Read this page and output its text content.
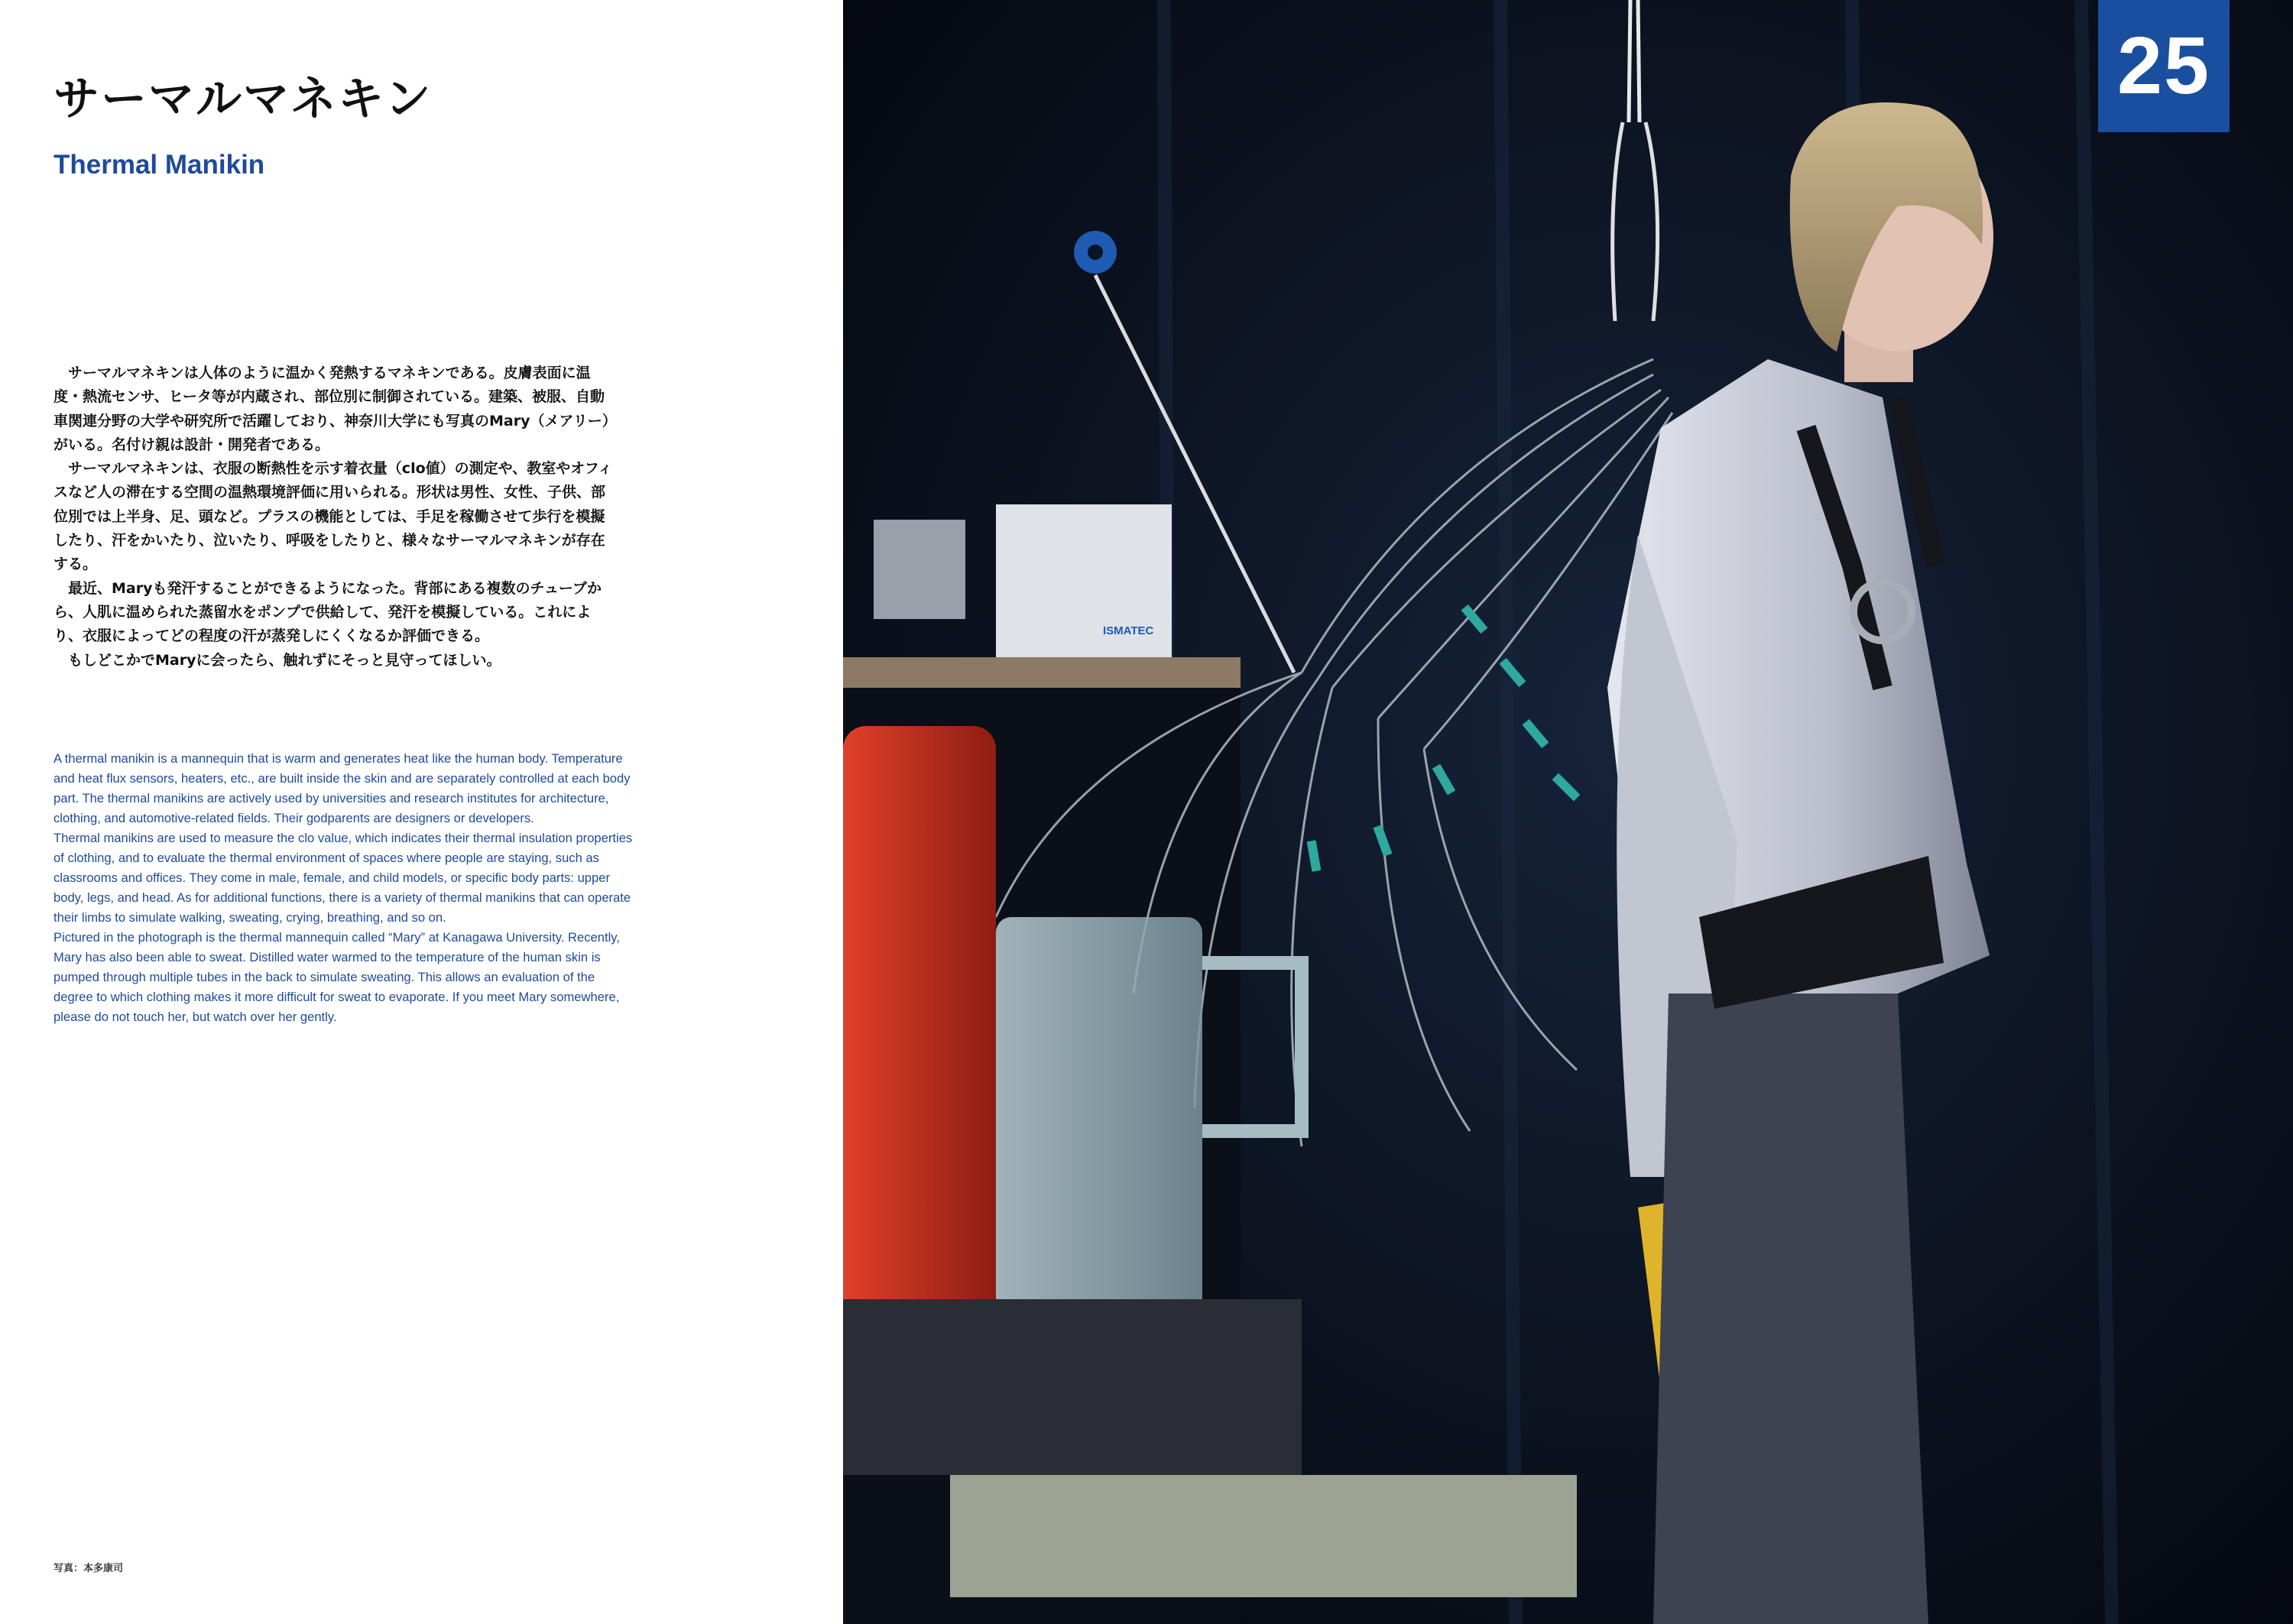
サーマルマネキン
Thermal Manikin

サーマルマネキンは人体のように温かく発熱するマネキンである。皮膚表面に温度・熱流センサ、ヒータ等が内蔵され、部位別に制御されている。建築、被服、自動車関連分野の大学や研究所で活躍しており、神奈川大学にも写真のMary（メアリー）がいる。名付け親は設計・開発者である。

サーマルマネキンは、衣服の断熱性を示す着衣量（clo値）の測定や、教室やオフィスなど人の滞在する空間の温熱環境評価に用いられる。形状は男性、女性、子供、部位別では上半身、足、頭など。プラスの機能としては、手足を稼働させて歩行を模擬したり、汗をかいたり、泣いたり、呼吸をしたりと、様々なサーマルマネキンが存在する。

最近、Maryも発汗することができるようになった。背部にある複数のチューブから、人肌に温められた蒸留水をポンプで供給して、発汗を模擬している。これにより、衣服によってどの程度の汗が蒸発しにくくなるか評価できる。

もしどこかでMaryに会ったら、触れずにそっと見守ってほしい。

A thermal manikin is a mannequin that is warm and generates heat like the human body. Temperature and heat flux sensors, heaters, etc., are built inside the skin and are separately controlled at each body part. The thermal manikins are actively used by universities and research institutes for architecture, clothing, and automotive-related fields. Their godparents are designers or developers.

Thermal manikins are used to measure the clo value, which indicates their thermal insulation properties of clothing, and to evaluate the thermal environment of spaces where people are staying, such as classrooms and offices. They come in male, female, and child models, or specific body parts: upper body, legs, and head. As for additional functions, there is a variety of thermal manikins that can operate their limbs to simulate walking, sweating, crying, breathing, and so on.

Pictured in the photograph is the thermal mannequin called “Mary” at Kanagawa University. Recently, Mary has also been able to sweat. Distilled water warmed to the temperature of the human skin is pumped through multiple tubes in the back to simulate sweating. This allows an evaluation of the degree to which clothing makes it more difficult for sweat to evaporate. If you meet Mary somewhere, please do not touch her, but watch over her gently.

写真：本多康司
ISMATEC
25
